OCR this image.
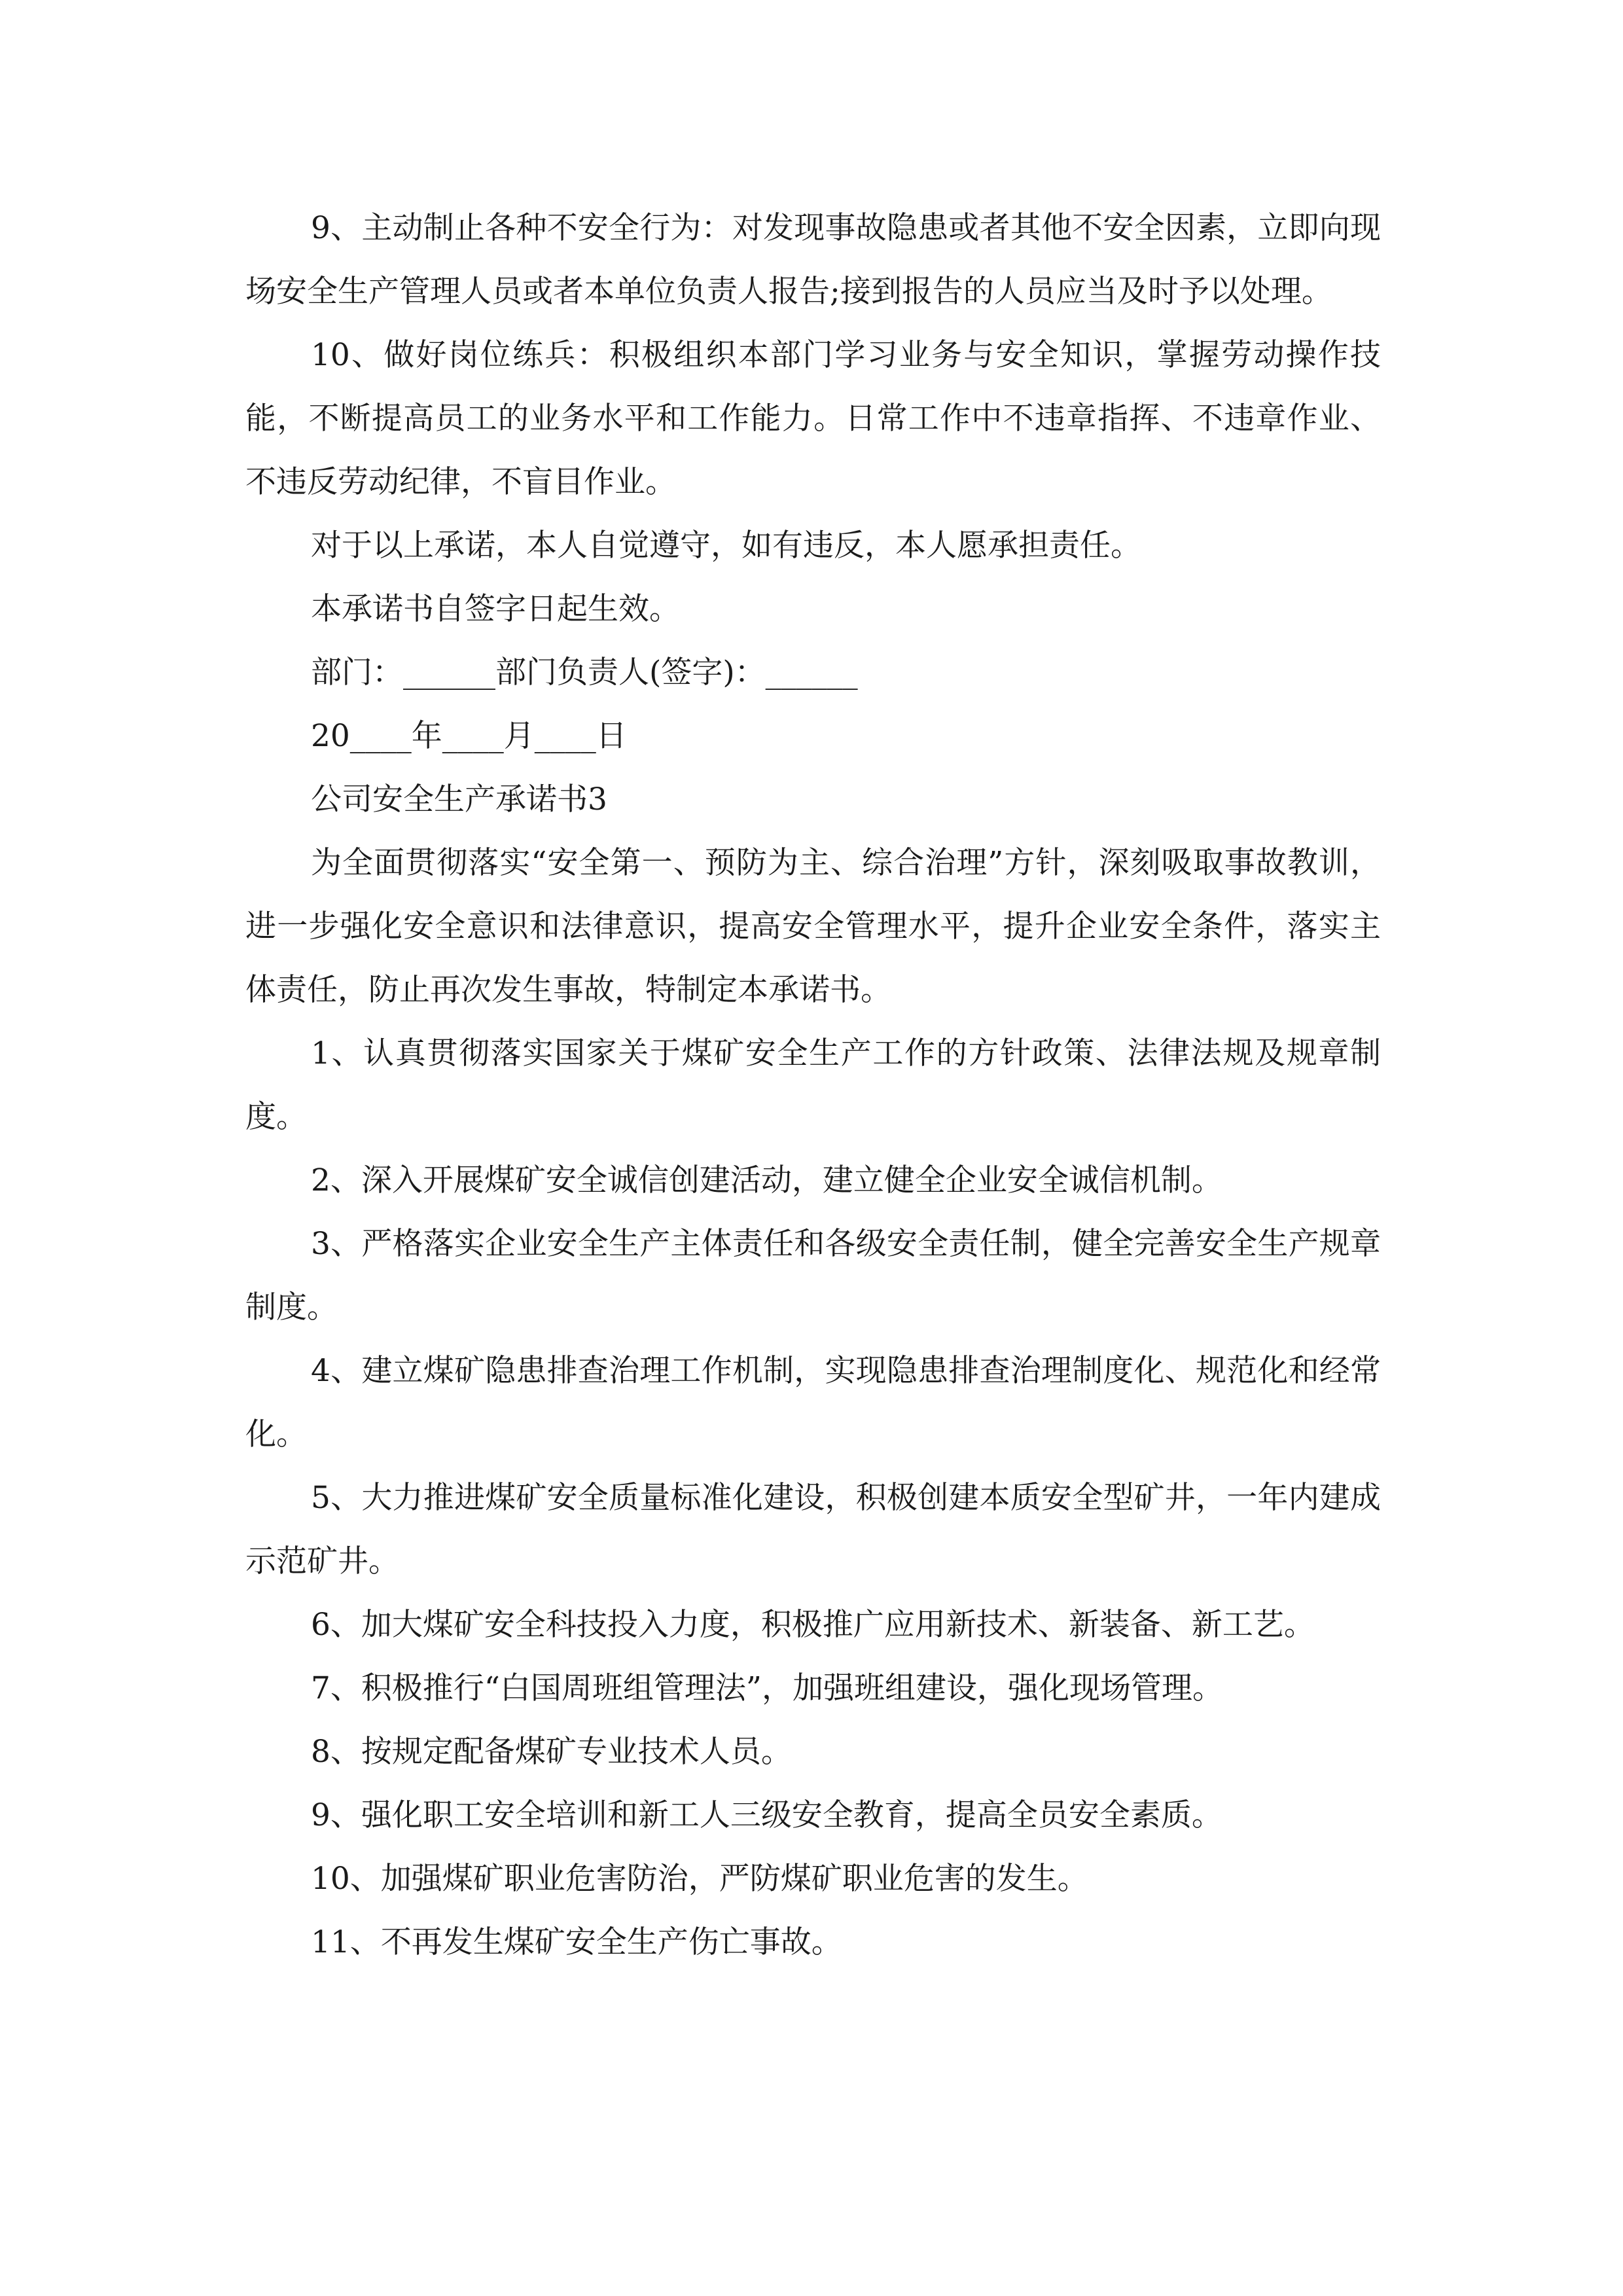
9、主动制止各种不安全行为：对发现事故隐患或者其他不安全因素，立即向现场安全生产管理人员或者本单位负责人报告;接到报告的人员应当及时予以处理。

10、做好岗位练兵：积极组织本部门学习业务与安全知识，掌握劳动操作技能，不断提高员工的业务水平和工作能力。日常工作中不违章指挥、不违章作业、不违反劳动纪律，不盲目作业。

对于以上承诺，本人自觉遵守，如有违反，本人愿承担责任。

本承诺书自签字日起生效。

部门：______部门负责人(签字)：______

20____年____月____日

公司安全生产承诺书3

为全面贯彻落实“安全第一、预防为主、综合治理”方针，深刻吸取事故教训，进一步强化安全意识和法律意识，提高安全管理水平，提升企业安全条件，落实主体责任，防止再次发生事故，特制定本承诺书。

1、认真贯彻落实国家关于煤矿安全生产工作的方针政策、法律法规及规章制度。

2、深入开展煤矿安全诚信创建活动，建立健全企业安全诚信机制。

3、严格落实企业安全生产主体责任和各级安全责任制，健全完善安全生产规章制度。

4、建立煤矿隐患排查治理工作机制，实现隐患排查治理制度化、规范化和经常化。

5、大力推进煤矿安全质量标准化建设，积极创建本质安全型矿井，一年内建成示范矿井。

6、加大煤矿安全科技投入力度，积极推广应用新技术、新装备、新工艺。

7、积极推行“白国周班组管理法”，加强班组建设，强化现场管理。

8、按规定配备煤矿专业技术人员。

9、强化职工安全培训和新工人三级安全教育，提高全员安全素质。

10、加强煤矿职业危害防治，严防煤矿职业危害的发生。

11、不再发生煤矿安全生产伤亡事故。
